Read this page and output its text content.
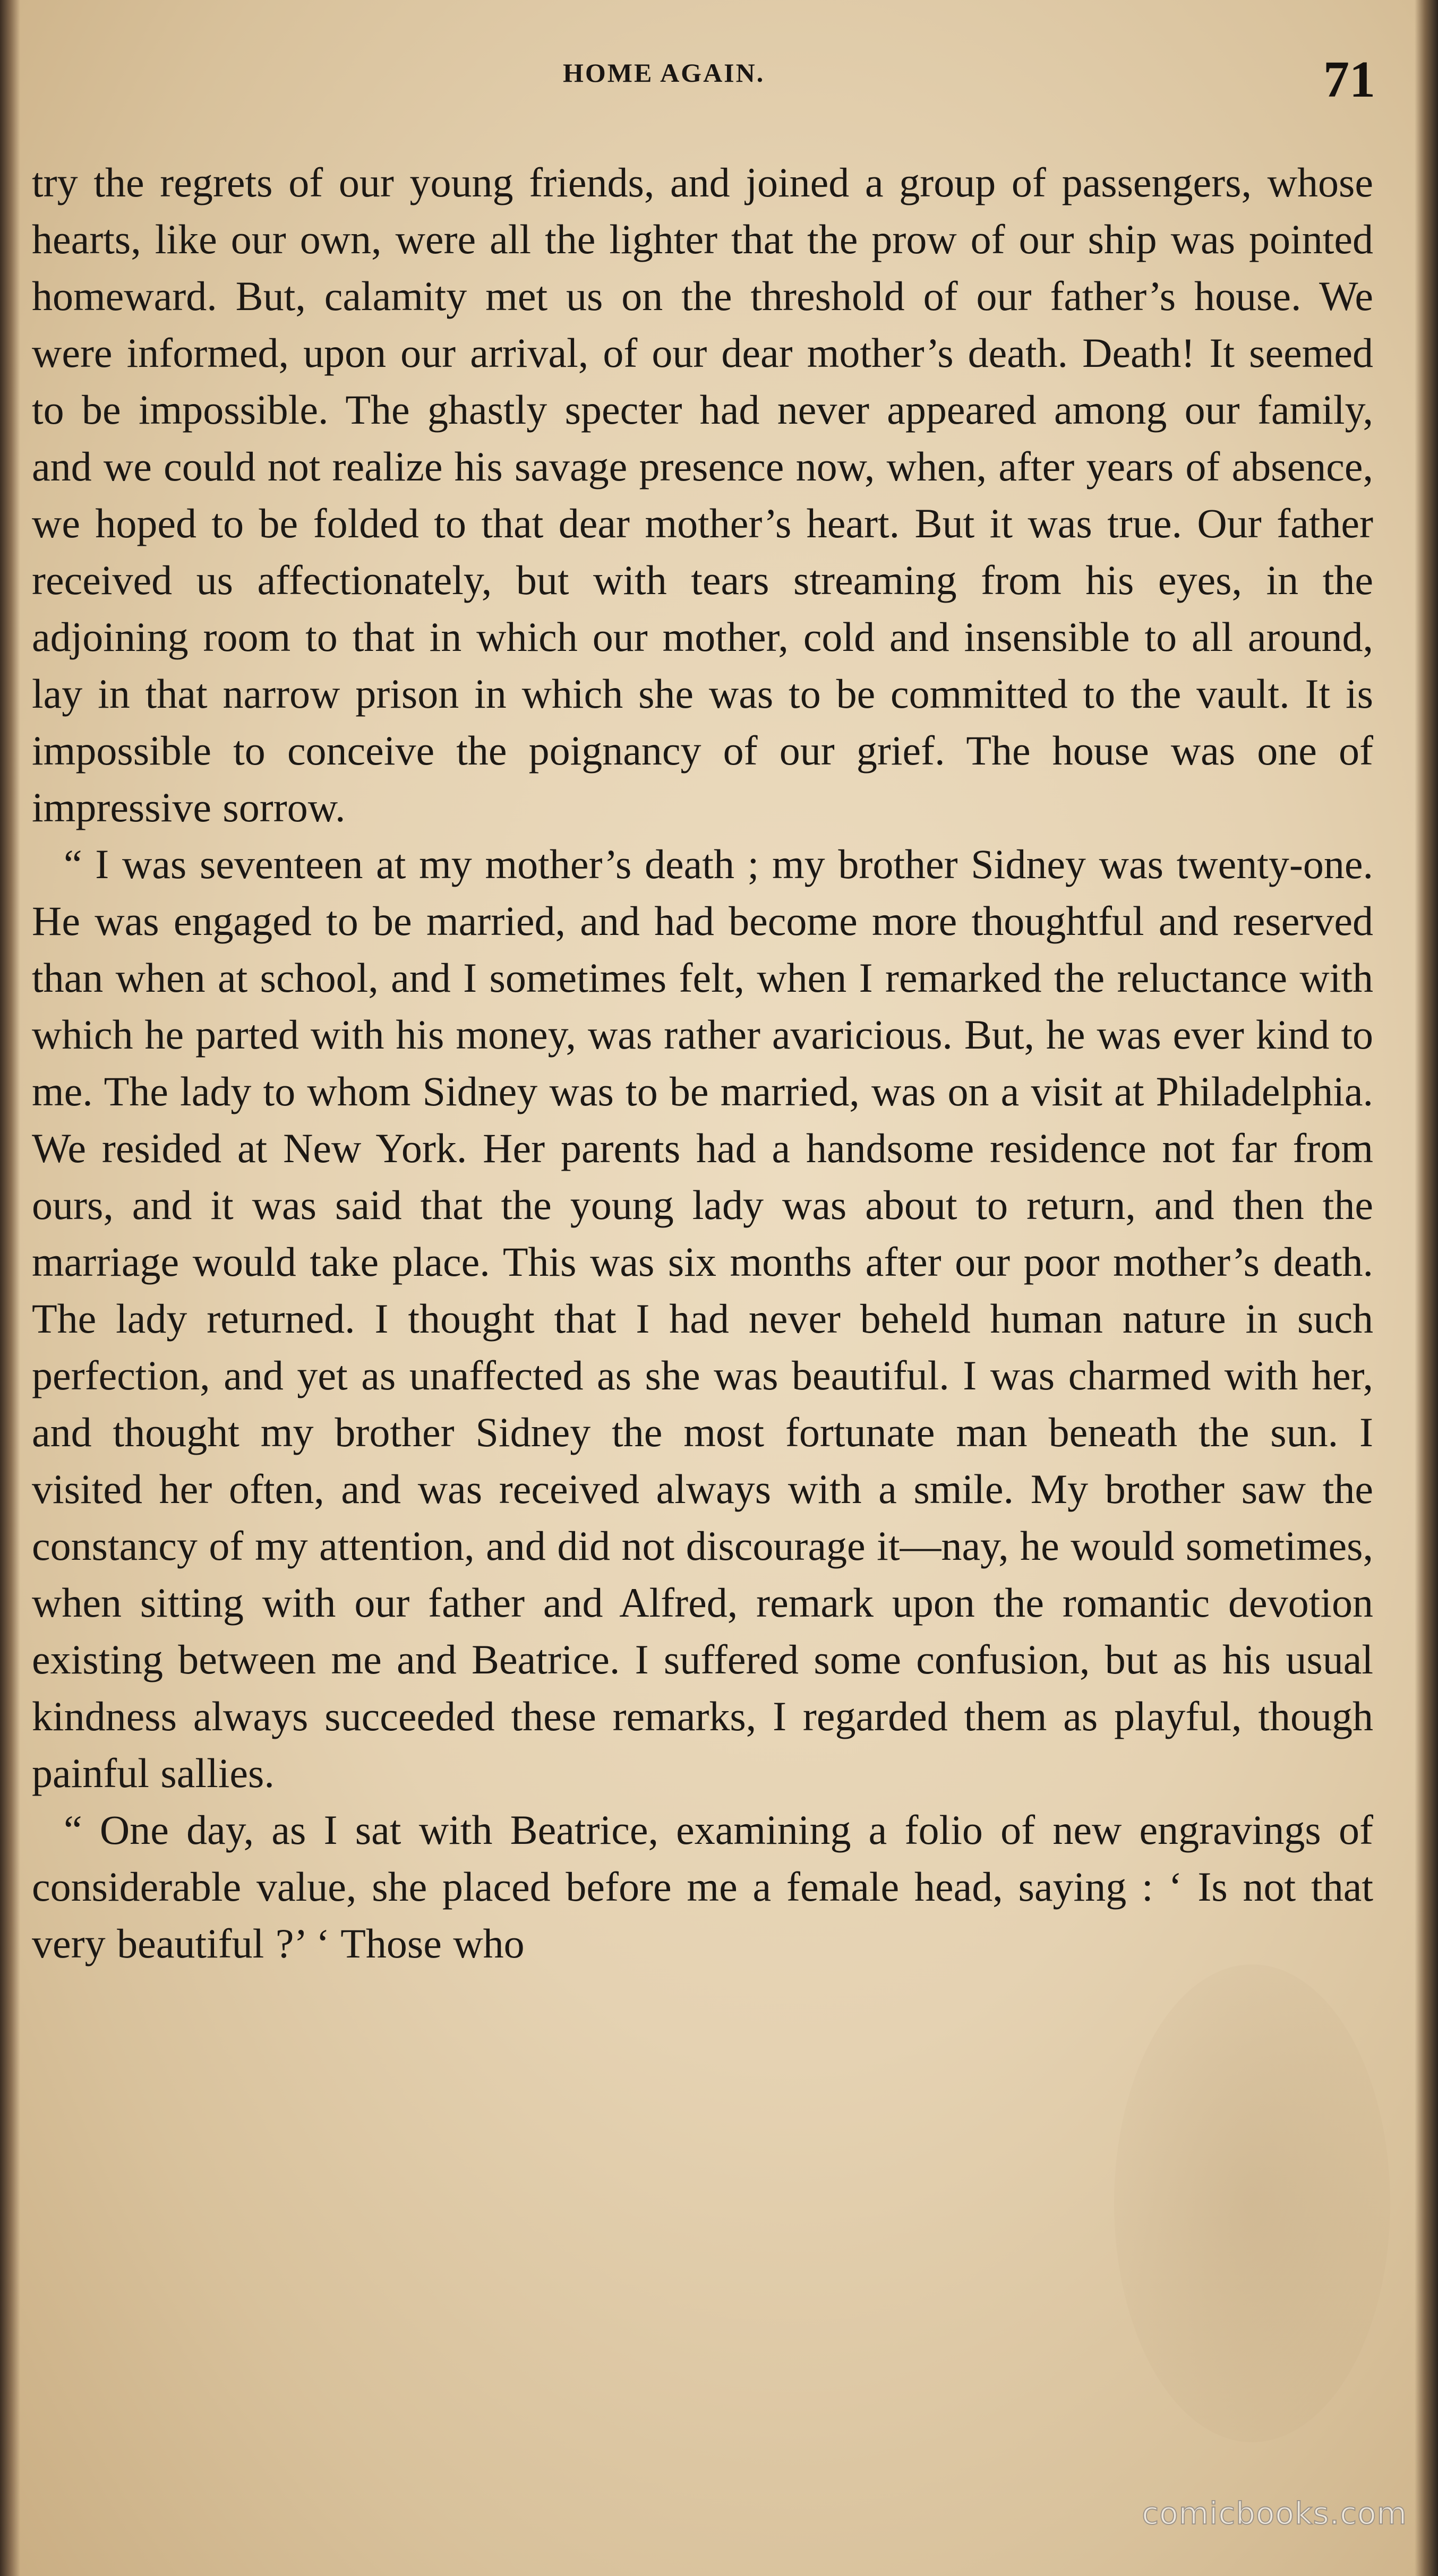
HOME AGAIN.	71

try the regrets of our young friends, and joined a group of passengers, whose hearts, like our own, were all the lighter that the prow of our ship was pointed homeward. But, calamity met us on the threshold of our father’s house. We were informed, upon our arrival, of our dear mother’s death. Death! It seemed to be impossible. The ghastly specter had never appeared among our family, and we could not realize his savage presence now, when, after years of absence, we hoped to be folded to that dear mother’s heart. But it was true. Our father received us affectionately, but with tears streaming from his eyes, in the adjoining room to that in which our mother, cold and insensible to all around, lay in that narrow prison in which she was to be committed to the vault. It is impossible to conceive the poignancy of our grief. The house was one of impressive sorrow.

“ I was seventeen at my mother’s death ; my brother Sidney was twenty-one. He was engaged to be married, and had become more thoughtful and reserved than when at school, and I sometimes felt, when I remarked the reluctance with which he parted with his money, was rather avaricious. But, he was ever kind to me. The lady to whom Sidney was to be married, was on a visit at Philadelphia. We resided at New York. Her parents had a handsome residence not far from ours, and it was said that the young lady was about to return, and then the marriage would take place. This was six months after our poor mother’s death. The lady returned. I thought that I had never beheld human nature in such perfection, and yet as unaffected as she was beautiful. I was charmed with her, and thought my brother Sidney the most fortunate man beneath the sun. I visited her often, and was received always with a smile. My brother saw the constancy of my attention, and did not discourage it—nay, he would sometimes, when sitting with our father and Alfred, remark upon the romantic devotion existing between me and Beatrice. I suffered some confusion, but as his usual kindness always succeeded these remarks, I regarded them as playful, though painful sallies.

“ One day, as I sat with Beatrice, examining a folio of new engravings of considerable value, she placed before me a female head, saying : ‘ Is not that very beautiful ?’ ‘ Those who

comicbooks.com
